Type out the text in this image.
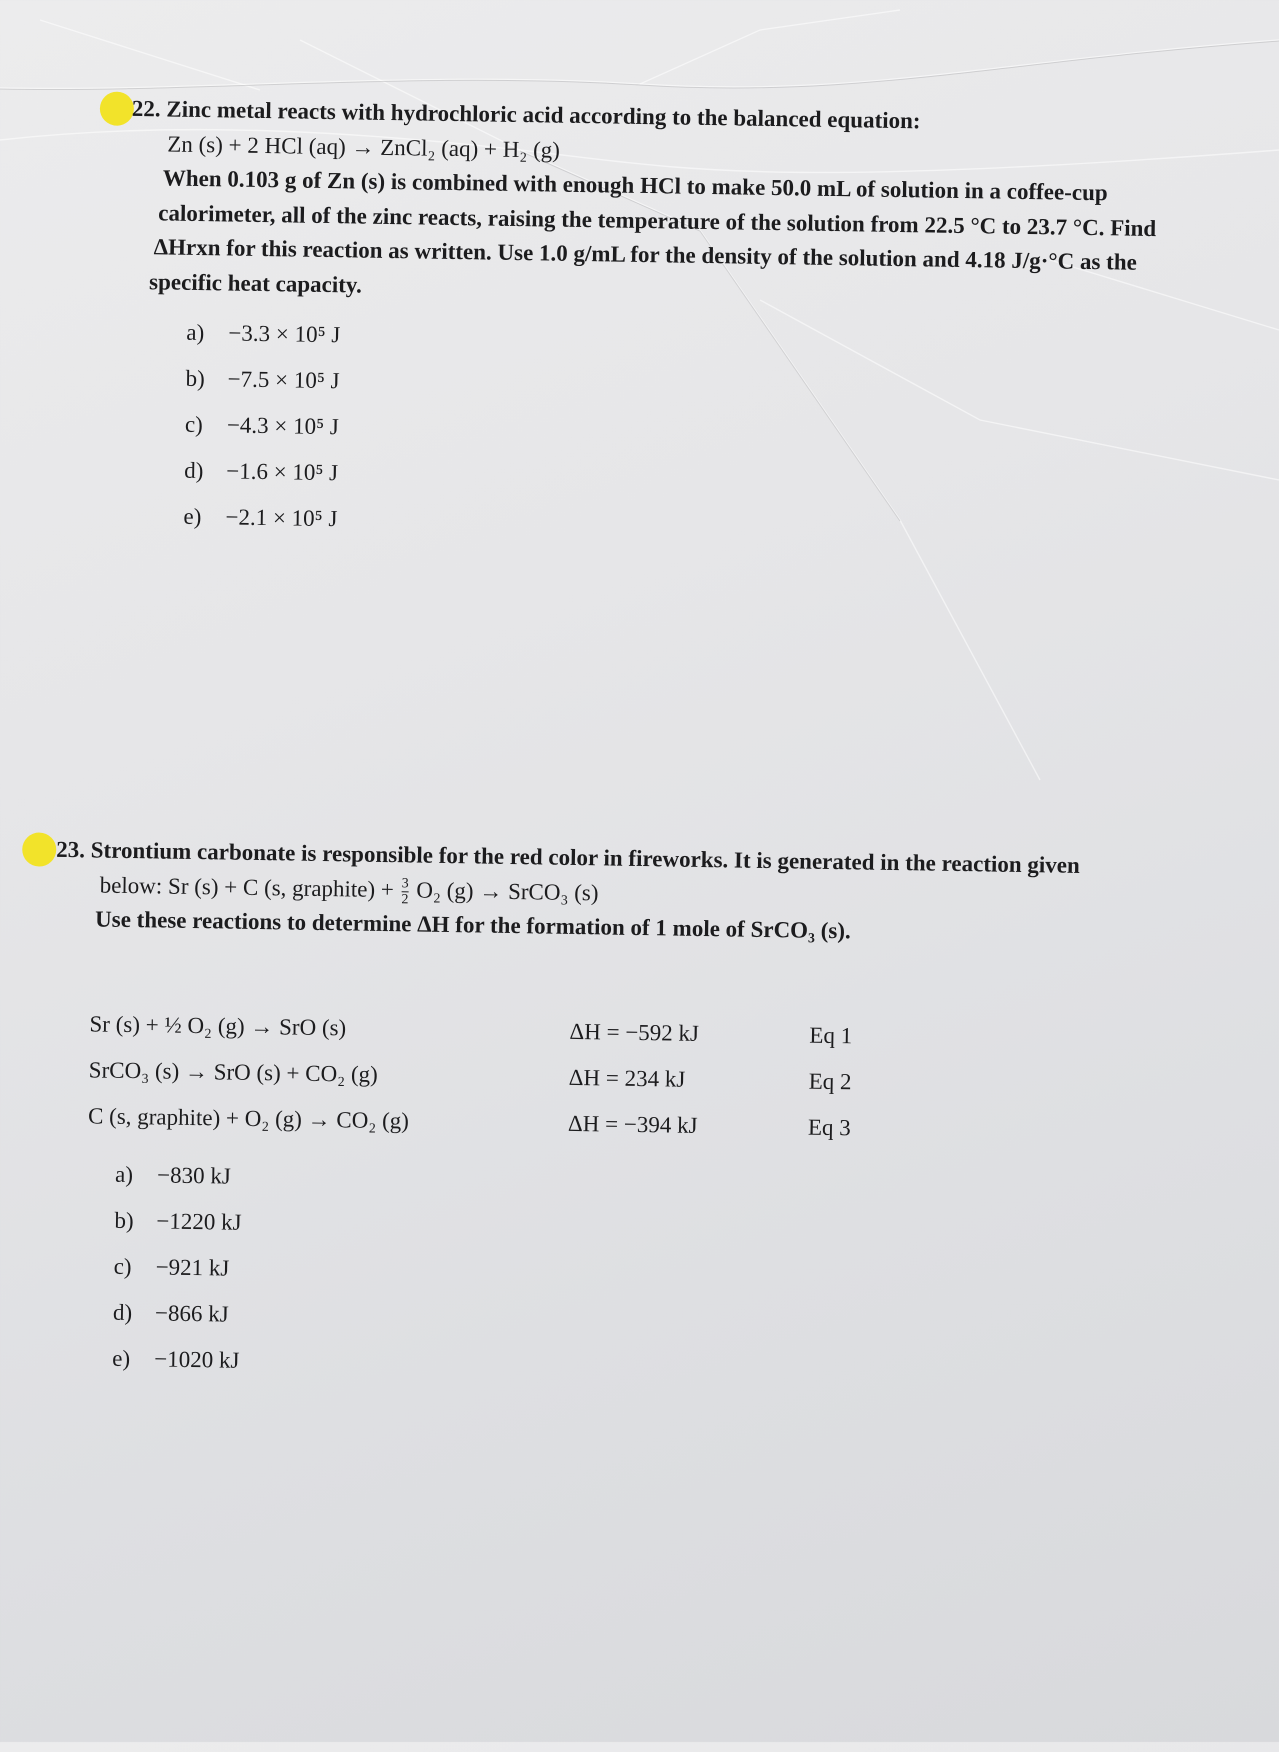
22. Zinc metal reacts with hydrochloric acid according to the balanced equation:
Zn (s) + 2 HCl (aq) → ZnCl₂ (aq) + H₂ (g)
When 0.103 g of Zn (s) is combined with enough HCl to make 50.0 mL of solution in a coffee-cup
calorimeter, all of the zinc reacts, raising the temperature of the solution from 22.5 °C to 23.7 °C. Find
ΔHrxn for this reaction as written. Use 1.0 g/mL for the density of the solution and 4.18 J/g·°C as the
specific heat capacity.
a) −3.3 × 10⁵ J
b) −7.5 × 10⁵ J
c) −4.3 × 10⁵ J
d) −1.6 × 10⁵ J
e) −2.1 × 10⁵ J
23. Strontium carbonate is responsible for the red color in fireworks. It is generated in the reaction given
below: Sr (s) + C (s, graphite) + $\frac{3}{2} O_2$ (g) → SrCO₃ (s)
Use these reactions to determine ΔH for the formation of 1 mole of SrCO₃ (s).
Sr (s) + ½ O₂ (g) → SrO (s)	ΔH = −592 kJ	Eq 1
SrCO₃ (s) → SrO (s) + CO₂ (g)	ΔH = 234 kJ	Eq 2
C (s, graphite) + O₂ (g) → CO₂ (g)	ΔH = −394 kJ	Eq 3
a) −830 kJ
b) −1220 kJ
c) −921 kJ
d) −866 kJ
e) −1020 kJ
